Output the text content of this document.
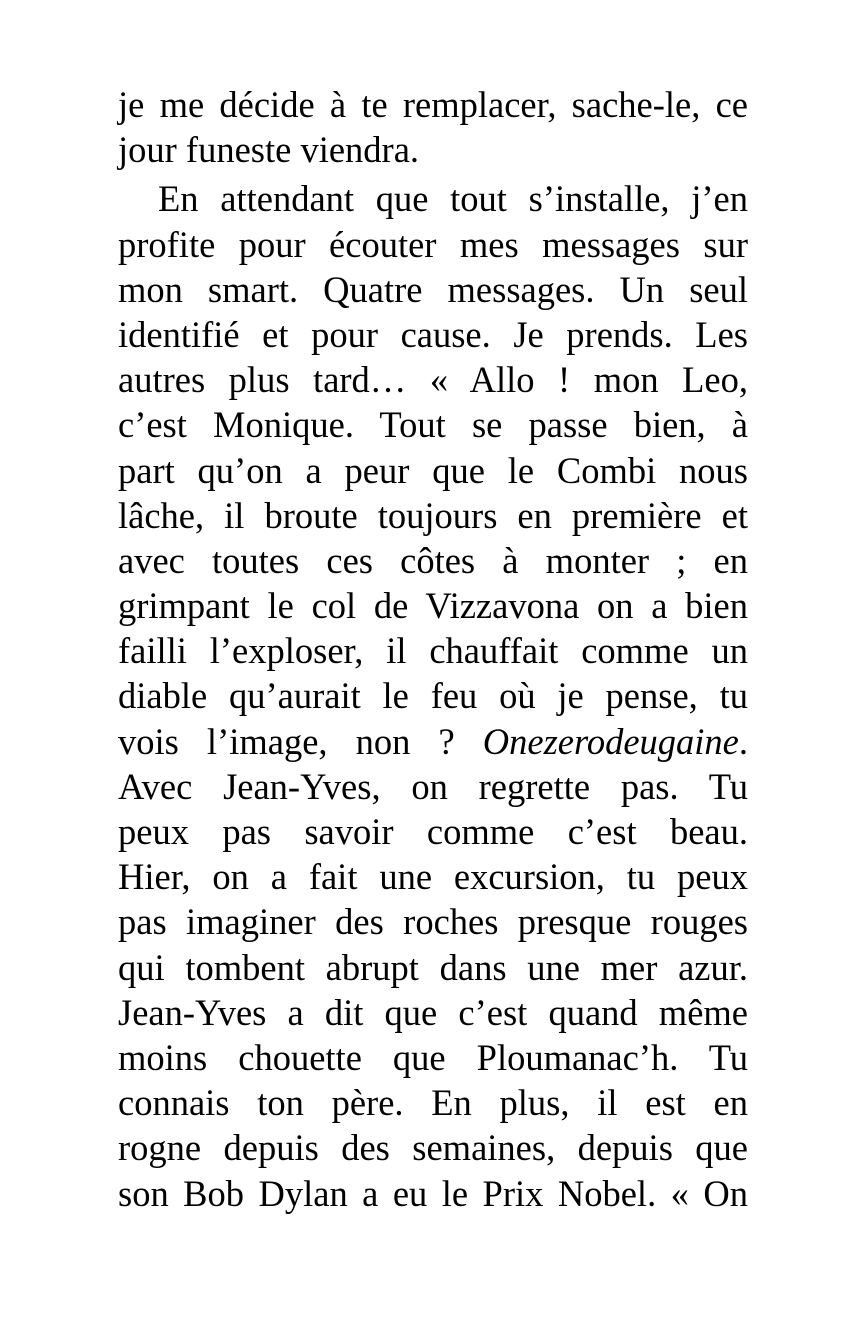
je me décide à te remplacer, sache-le, ce
jour funeste viendra.
En attendant que tout s’installe, j’en
profite pour écouter mes messages sur
mon smart. Quatre messages. Un seul
identifié et pour cause. Je prends. Les
autres plus tard… « Allo ! mon Leo,
c’est Monique. Tout se passe bien, à
part qu’on a peur que le Combi nous
lâche, il broute toujours en première et
avec toutes ces côtes à monter ; en
grimpant le col de Vizzavona on a bien
failli l’exploser, il chauffait comme un
diable qu’aurait le feu où je pense, tu
vois l’image, non ? Onezerodeugaine.
Avec Jean-Yves, on regrette pas. Tu
peux pas savoir comme c’est beau.
Hier, on a fait une excursion, tu peux
pas imaginer des roches presque rouges
qui tombent abrupt dans une mer azur.
Jean-Yves a dit que c’est quand même
moins chouette que Ploumanac’h. Tu
connais ton père. En plus, il est en
rogne depuis des semaines, depuis que
son Bob Dylan a eu le Prix Nobel. « On
